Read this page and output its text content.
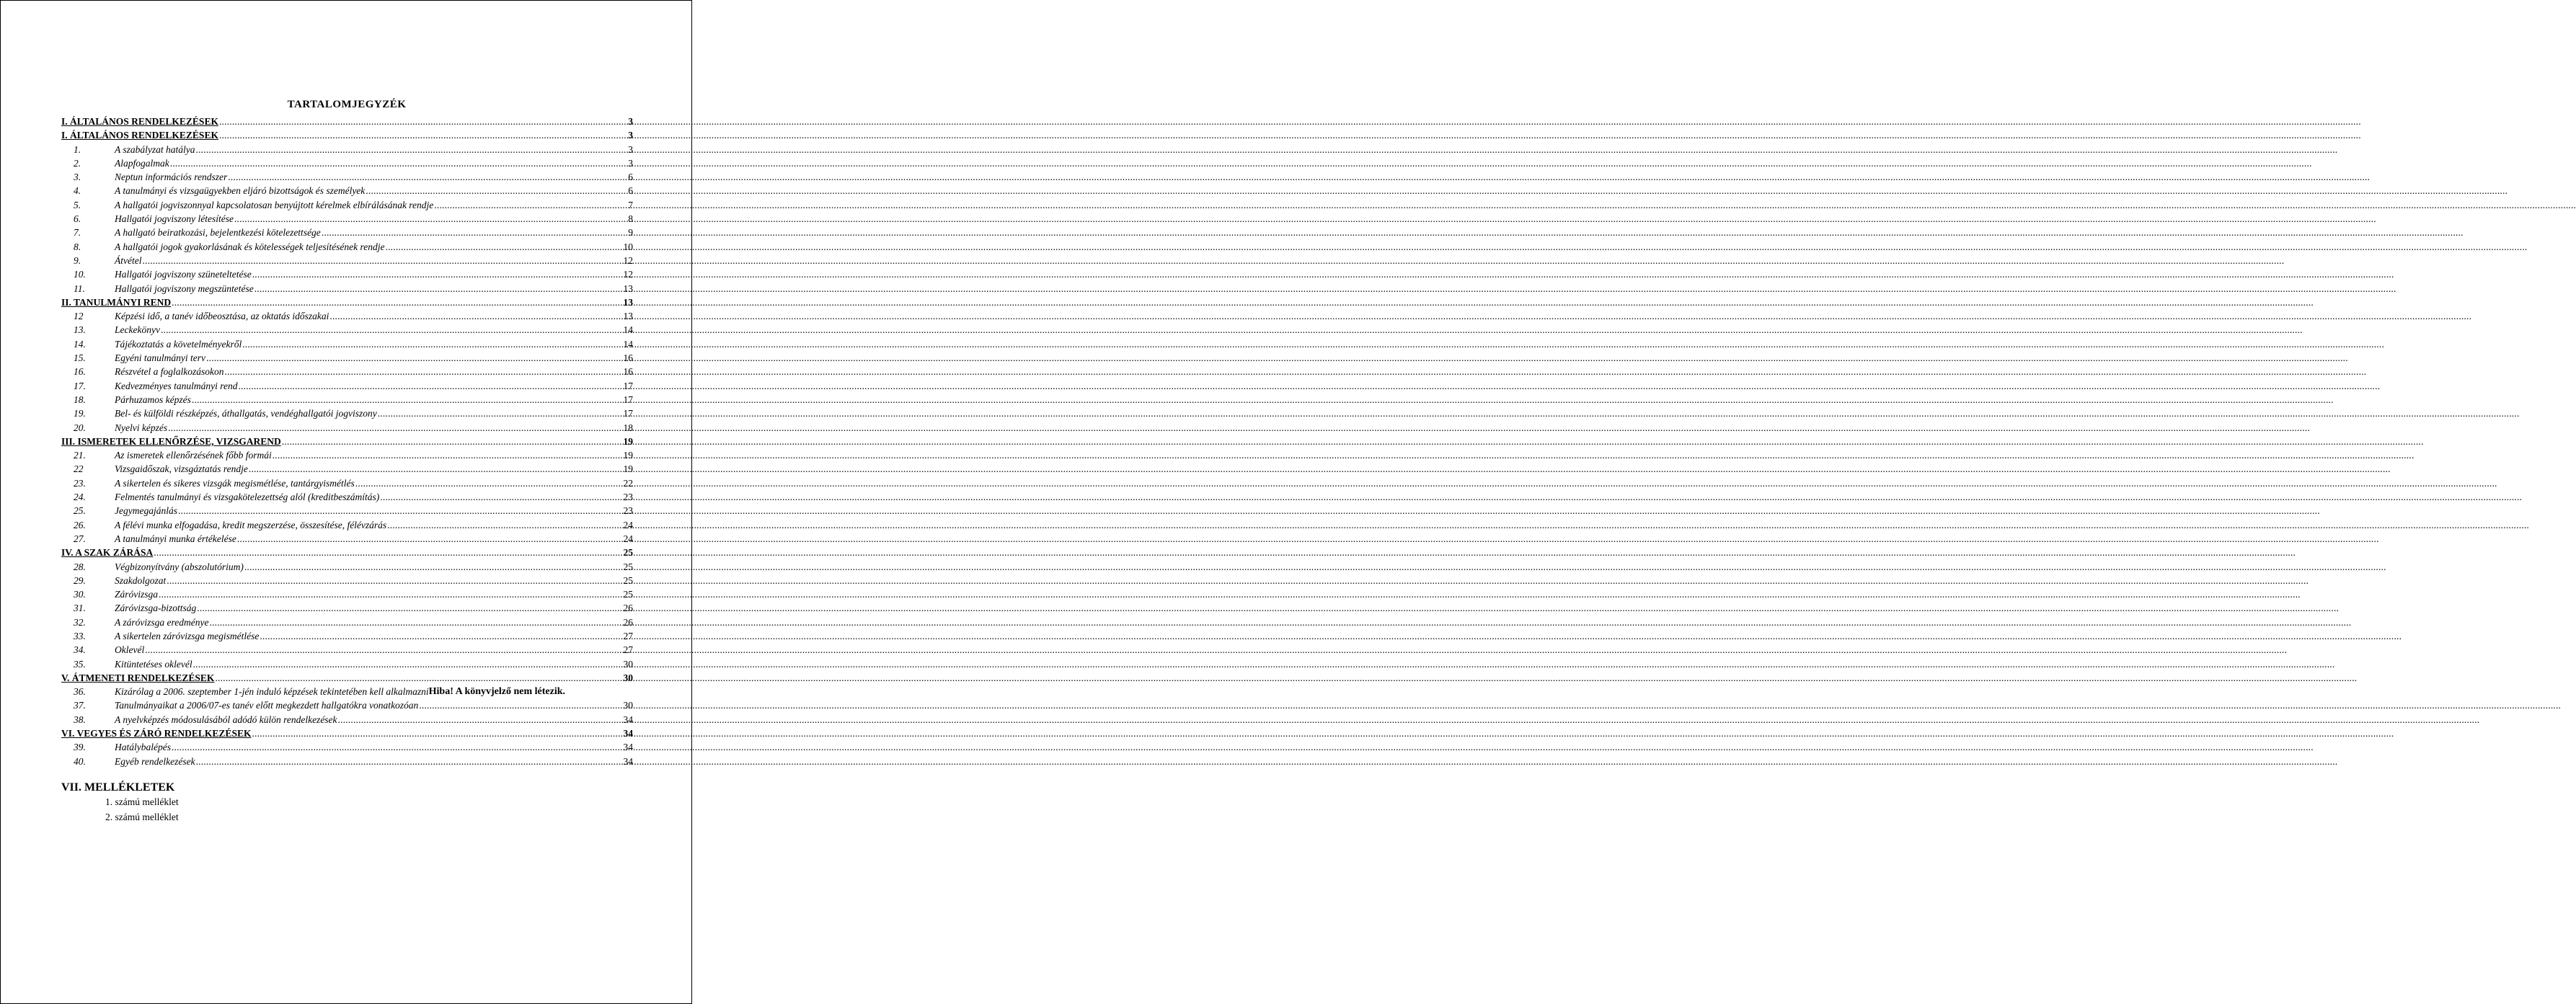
TARTALOMJEGYZÉK
I. ÁLTALÁNOS RENDELKEZÉSEK .....	3
I. ÁLTALÁNOS RENDELKEZÉSEK .....	3
1.	A szabályzat hatálya .....	3
2.	Alapfogalmak .....	3
3.	Neptun információs rendszer .....	6
4.	A tanulmányi és vizsgaügyekben eljáró bizottságok és személyek .....	6
5.	A hallgatói jogviszonnyal kapcsolatosan benyújtott kérelmek elbírálásának rendje .....	7
6.	Hallgatói jogviszony létesítése .....	8
7.	A hallgató beiratkozási, bejelentkezési kötelezettsége .....	9
8.	A hallgatói jogok gyakorlásának és kötelességek teljesítésének rendje .....	10
9.	Átvétel .....	12
10.	Hallgatói jogviszony szüneteltetése .....	12
11.	Hallgatói jogviszony megszüntetése .....	13
II. TANULMÁNYI REND .....	13
12	Képzési idő, a tanév időbeosztása, az oktatás időszakai .....	13
13.	Leckekönyv .....	14
14.	Tájékoztatás a követelményekről .....	14
15.	Egyéni tanulmányi terv .....	16
16.	Részvétel a foglalkozásokon .....	16
17.	Kedvezményes tanulmányi rend .....	17
18.	Párhuzamos képzés .....	17
19.	Bel- és külföldi részképzés, áthallgatás, vendéghallgatói jogviszony .....	17
20.	Nyelvi képzés .....	18
III. ISMERETEK ELLENŐRZÉSE, VIZSGAREND .....	19
21.	Az ismeretek ellenőrzésének főbb formái .....	19
22	Vizsgaidőszak, vizsgáztatás rendje .....	19
23.	A sikertelen és sikeres vizsgák megismétlése, tantárgyismétlés .....	22
24.	Felmentés tanulmányi és vizsgakötelezettség alól (kreditbeszámítás) .....	23
25.	Jegymegajánlás .....	23
26.	A félévi munka elfogadása, kredit megszerzése, összesítése, félévzárás .....	24
27.	A tanulmányi munka értékelése .....	24
IV. A SZAK ZÁRÁSA .....	25
28.	Végbizonyítvány (abszolutórium) .....	25
29.	Szakdolgozat .....	25
30.	Záróvizsga .....	25
31.	Záróvizsga-bizottság .....	26
32.	A záróvizsga eredménye .....	26
33.	A sikertelen záróvizsga megismétlése .....	27
34.	Oklevél .....	27
35.	Kitüntetéses oklevél .....	30
V. ÁTMENETI RENDELKEZÉSEK .....	30
36.	Kizárólag a 2006. szeptember 1-jén induló képzések tekintetében kell alkalmazni Hiba! A könyvjelző nem létezik.
37.	Tanulmányaikat a 2006/07-es tanév előtt megkezdett hallgatókra vonatkozóan .....	30
38.	A nyelvképzés módosulásából adódó külön rendelkezések .....	34
VI. VEGYES ÉS ZÁRÓ RENDELKEZÉSEK .....	34
39.	Hatálybalépés .....	34
40.	Egyéb rendelkezések .....	34
VII. MELLÉKLETEK
1. számú melléklet
2. számú melléklet
